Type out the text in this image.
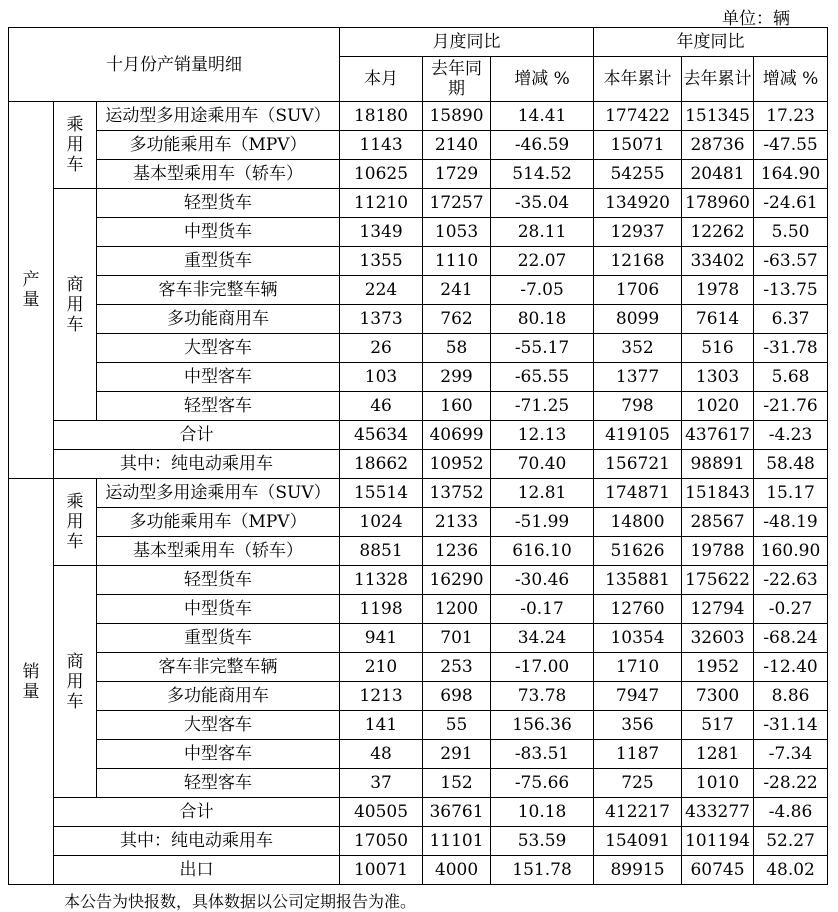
单位：辆
十月份产销量明细			月度同比			年度同比		
			本月	去年同期	增减 %	本年累计	去年累计	增减 %

产量	乘用车	运动型多用途乘用车（SUV）	18180	15890	14.41	177422	151345	17.23
		多功能乘用车（MPV）	1143	2140	-46.59	15071	28736	-47.55
		基本型乘用车（轿车）	10625	1729	514.52	54255	20481	164.90

	商用车	轻型货车	11210	17257	-35.04	134920	178960	-24.61
		中型货车	1349	1053	28.11	12937	12262	5.50
		重型货车	1355	1110	22.07	12168	33402	-63.57
		客车非完整车辆	224	241	-7.05	1706	1978	-13.75
		多功能商用车	1373	762	80.18	8099	7614	6.37
		大型客车	26	58	-55.17	352	516	-31.78
		中型客车	103	299	-65.55	1377	1303	5.68
		轻型客车	46	160	-71.25	798	1020	-21.76
	合计		45634	40699	12.13	419105	437617	-4.23
	其中：纯电动乘用车		18662	10952	70.40	156721	98891	58.48

销量	乘用车	运动型多用途乘用车（SUV）	15514	13752	12.81	174871	151843	15.17
		多功能乘用车（MPV）	1024	2133	-51.99	14800	28567	-48.19
		基本型乘用车（轿车）	8851	1236	616.10	51626	19788	160.90

	商用车	轻型货车	11328	16290	-30.46	135881	175622	-22.63
		中型货车	1198	1200	-0.17	12760	12794	-0.27
		重型货车	941	701	34.24	10354	32603	-68.24
		客车非完整车辆	210	253	-17.00	1710	1952	-12.40
		多功能商用车	1213	698	73.78	7947	7300	8.86
		大型客车	141	55	156.36	356	517	-31.14
		中型客车	48	291	-83.51	1187	1281	-7.34
		轻型客车	37	152	-75.66	725	1010	-28.22
	合计		40505	36761	10.18	412217	433277	-4.86
	其中：纯电动乘用车		17050	11101	53.59	154091	101194	52.27
	出口		10071	4000	151.78	89915	60745	48.02
本公告为快报数，具体数据以公司定期报告为准。
